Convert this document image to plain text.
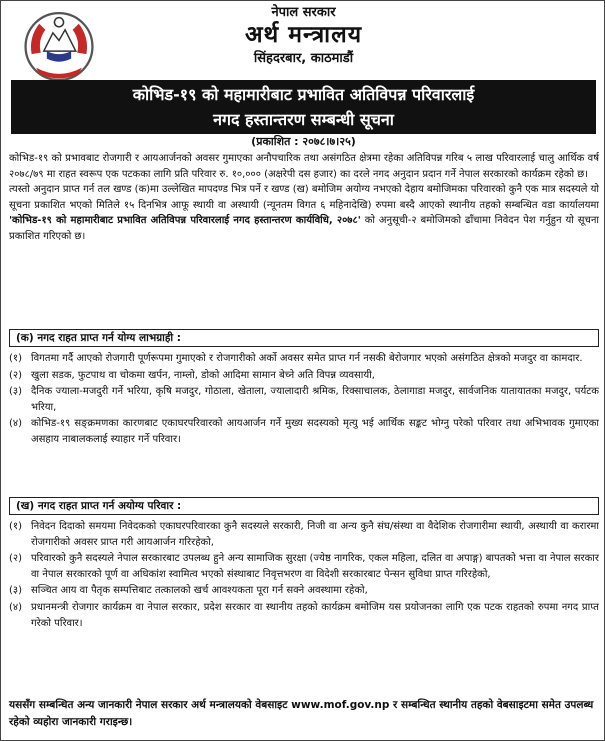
नेपाल सरकार
अर्थ मन्त्रालय
सिंहदरबार, काठमाडौं
कोभिड-१९ को महामारीबाट प्रभावित अतिविपन्न परिवारलाई
नगद हस्तान्तरण सम्बन्धी सूचना
(प्रकाशित : २०७८।७।२५)

कोभिड-१९ को प्रभावबाट रोजगारी र आयआर्जनको अवसर गुमाएका अनौपचारिक तथा असंगठित क्षेत्रमा रहेका अतिविपन्न गरिब ५ लाख परिवारलाई चालु आर्थिक वर्ष २०७८/७९ मा राहत स्वरूप एक पटकका लागि प्रति परिवार रु. १०,००० (अक्षरेपी दस हजार) का दरले नगद अनुदान प्रदान गर्ने नेपाल सरकारको कार्यक्रम रहेको छ।

त्यस्तो अनुदान प्राप्त गर्न तल खण्ड (क)मा उल्लेखित मापदण्ड भित्र पर्ने र खण्ड (ख) बमोजिम अयोग्य नभएको देहाय बमोजिमका परिवारको कुनै एक मात्र सदस्यले यो सूचना प्रकाशित भएको मितिले १५ दिनभित्र आफू स्थायी वा अस्थायी (न्यूनतम विगत ६ महिनादेखि) रुपमा बस्दै आएको स्थानीय तहको सम्बन्धित वडा कार्यालयमा 'कोभिड-१९ को महामारीबाट प्रभावित अतिविपन्न परिवारलाई नगद हस्तान्तरण कार्यविधि, २०७८' को अनुसूची-२ बमोजिमको ढाँचामा निवेदन पेश गर्नुहुन यो सूचना प्रकाशित गरिएको छ।

(क) नगद राहत प्राप्त गर्न योग्य लाभग्राही :
(१) विगतमा गर्दै आएको रोजगारी पूर्णरूपमा गुमाएको र रोजगारीको अर्को अवसर समेत प्राप्त गर्न नसकी बेरोजगार भएको असंगठित क्षेत्रको मजदुर वा कामदार.
(२) खुला सडक, फुटपाथ वा चोकमा खर्पन, नाम्लो, डोको आदिमा सामान बेच्ने अति विपन्न व्यवसायी,
(३) दैनिक ज्याला-मजदुरी गर्ने भरिया, कृषि मजदुर, गोठाला, खेताला, ज्यालादारी श्रमिक, रिक्साचालक, ठेलागाडा मजदुर, सार्वजनिक यातायातका मजदुर, पर्यटक भरिया,
(४) कोभिड-१९ सङ्क्रमणका कारणबाट एकाघरपरिवारको आयआर्जन गर्ने मुख्य सदस्यको मृत्यु भई आर्थिक सङ्कट भोग्नु परेको परिवार तथा अभिभावक गुमाएका असहाय नाबालकलाई स्याहार गर्ने परिवार।
(ख) नगद राहत प्राप्त गर्न अयोग्य परिवार :
(१) निवेदन दिदाको समयमा निवेदकको एकाघरपरिवारका कुनै सदस्यले सरकारी, निजी वा अन्य कुनै संघ/संस्था वा वैदेशिक रोजगारीमा स्थायी, अस्थायी वा करारमा रोजगारीको अवसर प्राप्त गरी आयआर्जन गरिरहेको,
(२) परिवारको कुनै सदस्यले नेपाल सरकारबाट उपलब्ध हुने अन्य सामाजिक सुरक्षा (ज्येष्ठ नागरिक, एकल महिला, दलित वा अपाङ्ग) बापतको भत्ता वा नेपाल सरकार वा नेपाल सरकारको पूर्ण वा अधिकांश स्वामित्व भएको संस्थाबाट निवृत्तभरण वा विदेशी सरकारबाट पेन्सन सुविधा प्राप्त गरिरहेको,
(३) सञ्चित आय वा पैतृक सम्पत्तिबाट तत्कालको खर्च आवश्यकता पूरा गर्न सक्ने अवस्थामा रहेको,
(४) प्रधानमन्त्री रोजगार कार्यक्रम वा नेपाल सरकार, प्रदेश सरकार वा स्थानीय तहको कार्यक्रम बमोजिम यस प्रयोजनका लागि एक पटक राहतको रुपमा नगद प्राप्त गरेको परिवार।
यससँग सम्बन्धित अन्य जानकारी नेपाल सरकार अर्थ मन्त्रालयको वेबसाइट www.mof.gov.np र सम्बन्धित स्थानीय तहको वेबसाइटमा समेत उपलब्ध रहेको व्यहोरा जानकारी गराइन्छ।
